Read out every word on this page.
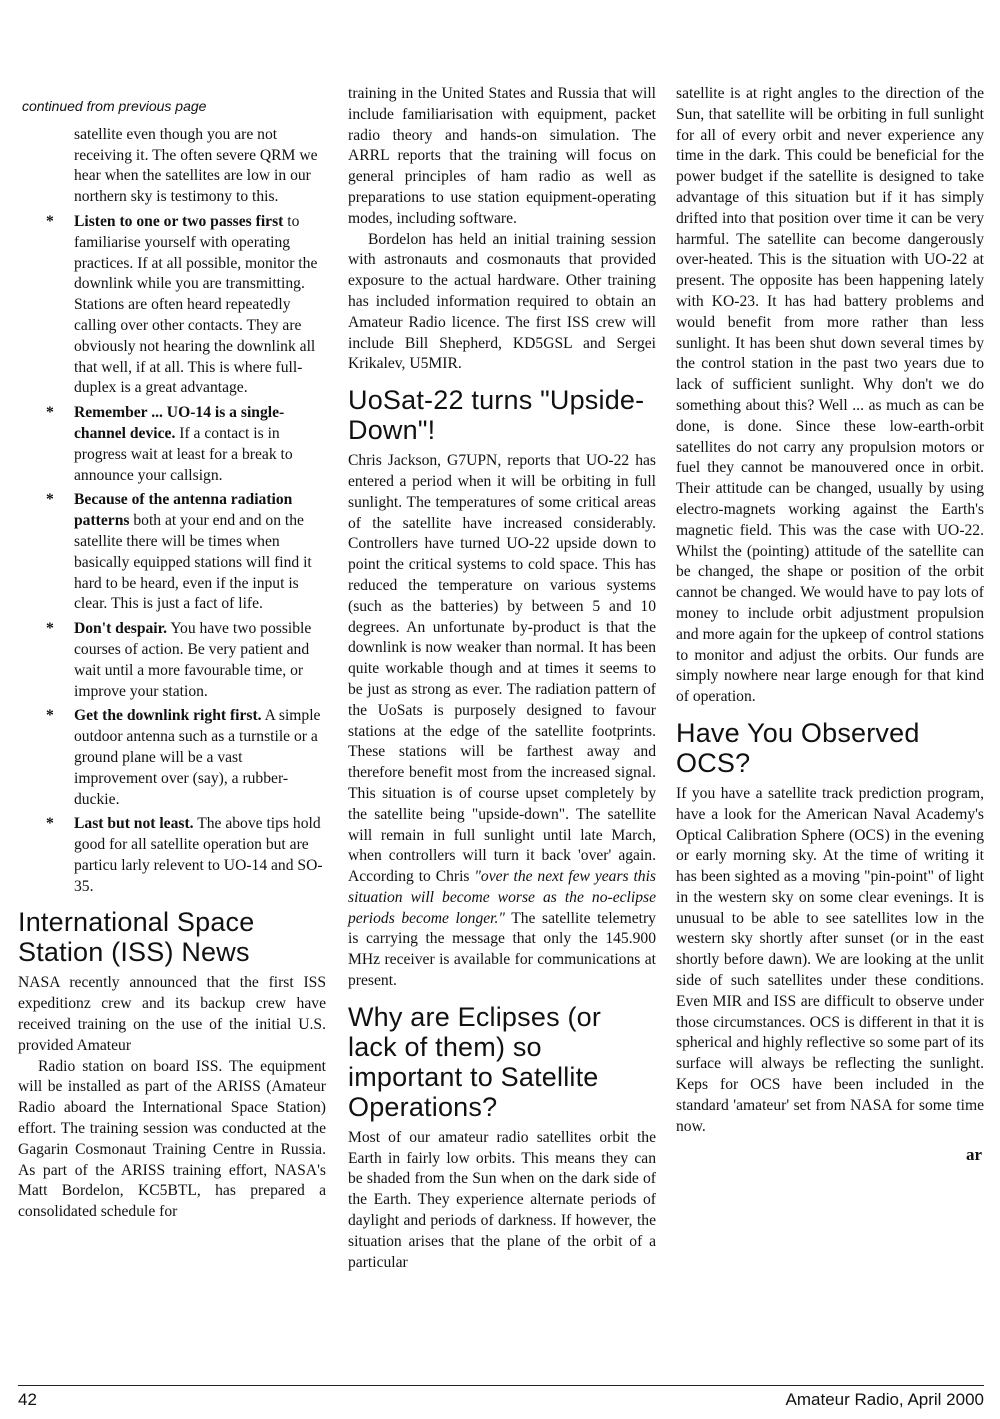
continued from previous page

satellite even though you are not receiving it. The often severe QRM we hear when the satellites are low in our northern sky is testimony to this.

* Listen to one or two passes first to familiarise yourself with operating practices. If at all possible, monitor the downlink while you are transmitting. Stations are often heard repeatedly calling over other contacts. They are obviously not hearing the downlink all that well, if at all. This is where full-duplex is a great advantage.
* Remember ... UO-14 is a single-channel device. If a contact is in progress wait at least for a break to announce your callsign.
* Because of the antenna radiation patterns both at your end and on the satellite there will be times when basically equipped stations will find it hard to be heard, even if the input is clear. This is just a fact of life.
* Don't despair. You have two possible courses of action. Be very patient and wait until a more favourable time, or improve your station.
* Get the downlink right first. A simple outdoor antenna such as a turnstile or a ground plane will be a vast improvement over (say), a rubber-duckie.
* Last but not least. The above tips hold good for all satellite operation but are particu larly relevent to UO-14 and SO-35.
International Space Station (ISS) News

NASA recently announced that the first ISS expeditionz crew and its backup crew have received training on the use of the initial U.S. provided Amateur

Radio station on board ISS. The equipment will be installed as part of the ARISS (Amateur Radio aboard the International Space Station) effort. The training session was conducted at the Gagarin Cosmonaut Training Centre in Russia. As part of the ARISS training effort, NASA's Matt Bordelon, KC5BTL, has prepared a consolidated schedule for

training in the United States and Russia that will include familiarisation with equipment, packet radio theory and hands-on simulation. The ARRL reports that the training will focus on general principles of ham radio as well as preparations to use station equipment-operating modes, including software.

Bordelon has held an initial training session with astronauts and cosmonauts that provided exposure to the actual hardware. Other training has included information required to obtain an Amateur Radio licence. The first ISS crew will include Bill Shepherd, KD5GSL and Sergei Krikalev, U5MIR.

UoSat-22 turns "Upside-Down"!

Chris Jackson, G7UPN, reports that UO-22 has entered a period when it will be orbiting in full sunlight. The temperatures of some critical areas of the satellite have increased considerably. Controllers have turned UO-22 upside down to point the critical systems to cold space. This has reduced the temperature on various systems (such as the batteries) by between 5 and 10 degrees. An unfortunate by-product is that the downlink is now weaker than normal. It has been quite workable though and at times it seems to be just as strong as ever. The radiation pattern of the UoSats is purposely designed to favour stations at the edge of the satellite footprints. These stations will be farthest away and therefore benefit most from the increased signal. This situation is of course upset completely by the satellite being "upside-down". The satellite will remain in full sunlight until late March, when controllers will turn it back 'over' again. According to Chris "over the next few years this situation will become worse as the no-eclipse periods become longer." The satellite telemetry is carrying the message that only the 145.900 MHz receiver is available for communications at present.

Why are Eclipses (or lack of them) so important to Satellite Operations?

Most of our amateur radio satellites orbit the Earth in fairly low orbits. This means they can be shaded from the Sun when on the dark side of the Earth. They experience alternate periods of daylight and periods of darkness. If however, the situation arises that the plane of the orbit of a particular

satellite is at right angles to the direction of the Sun, that satellite will be orbiting in full sunlight for all of every orbit and never experience any time in the dark. This could be beneficial for the power budget if the satellite is designed to take advantage of this situation but if it has simply drifted into that position over time it can be very harmful. The satellite can become dangerously over-heated. This is the situation with UO-22 at present. The opposite has been happening lately with KO-23. It has had battery problems and would benefit from more rather than less sunlight. It has been shut down several times by the control station in the past two years due to lack of sufficient sunlight. Why don't we do something about this? Well ... as much as can be done, is done. Since these low-earth-orbit satellites do not carry any propulsion motors or fuel they cannot be manouvered once in orbit. Their attitude can be changed, usually by using electro-magnets working against the Earth's magnetic field. This was the case with UO-22. Whilst the (pointing) attitude of the satellite can be changed, the shape or position of the orbit cannot be changed. We would have to pay lots of money to include orbit adjustment propulsion and more again for the upkeep of control stations to monitor and adjust the orbits. Our funds are simply nowhere near large enough for that kind of operation.

Have You Observed OCS?

If you have a satellite track prediction program, have a look for the American Naval Academy's Optical Calibration Sphere (OCS) in the evening or early morning sky. At the time of writing it has been sighted as a moving "pin-point" of light in the western sky on some clear evenings. It is unusual to be able to see satellites low in the western sky shortly after sunset (or in the east shortly before dawn). We are looking at the unlit side of such satellites under these conditions. Even MIR and ISS are difficult to observe under those circumstances. OCS is different in that it is spherical and highly reflective so some part of its surface will always be reflecting the sunlight. Keps for OCS have been included in the standard 'amateur' set from NASA for some time now.

ar
42	Amateur Radio, April 2000
